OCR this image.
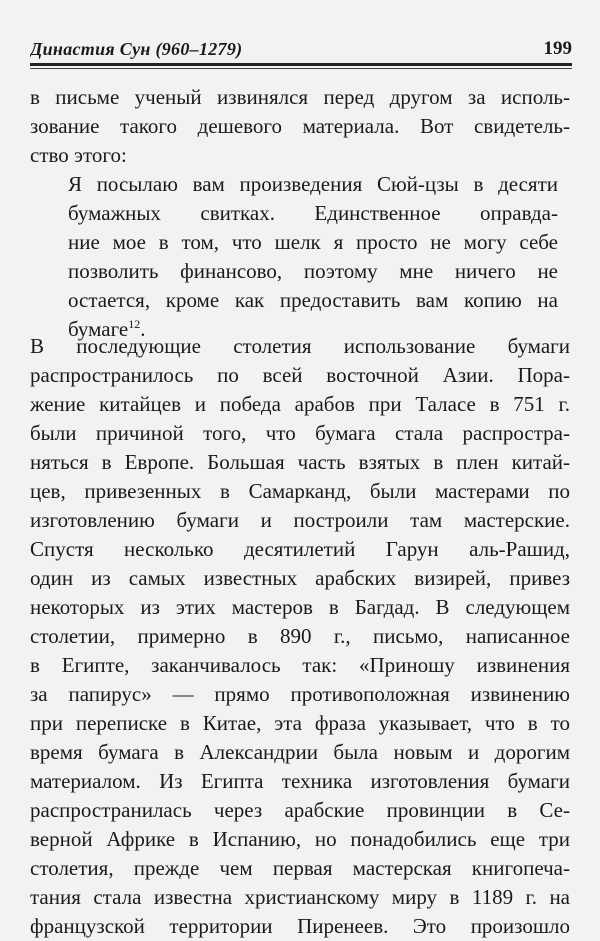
Династия Сун (960–1279)	199
в письме ученый извинялся перед другом за исполь-
зование такого дешевого материала. Вот свидетель-
ство этого:
Я посылаю вам произведения Сюй-цзы в десяти
бумажных свитках. Единственное оправда-
ние мое в том, что шелк я просто не могу себе
позволить финансово, поэтому мне ничего не
остается, кроме как предоставить вам копию на
бумаге$^{12}$.
В последующие столетия использование бумаги
распространилось по всей восточной Азии. Пора-
жение китайцев и победа арабов при Таласе в 751 г.
были причиной того, что бумага стала распростра-
няться в Европе. Большая часть взятых в плен китай-
цев, привезенных в Самарканд, были мастерами по
изготовлению бумаги и построили там мастерские.
Спустя несколько десятилетий Гарун аль-Рашид,
один из самых известных арабских визирей, привез
некоторых из этих мастеров в Багдад. В следующем
столетии, примерно в 890 г., письмо, написанное
в Египте, заканчивалось так: «Приношу извинения
за папирус» — прямо противоположная извинению
при переписке в Китае, эта фраза указывает, что в то
время бумага в Александрии была новым и дорогим
материалом. Из Египта техника изготовления бумаги
распространилась через арабские провинции в Се-
верной Африке в Испанию, но понадобились еще три
столетия, прежде чем первая мастерская книгопеча-
тания стала известна христианскому миру в 1189 г. на
французской территории Пиренеев. Это произошло
